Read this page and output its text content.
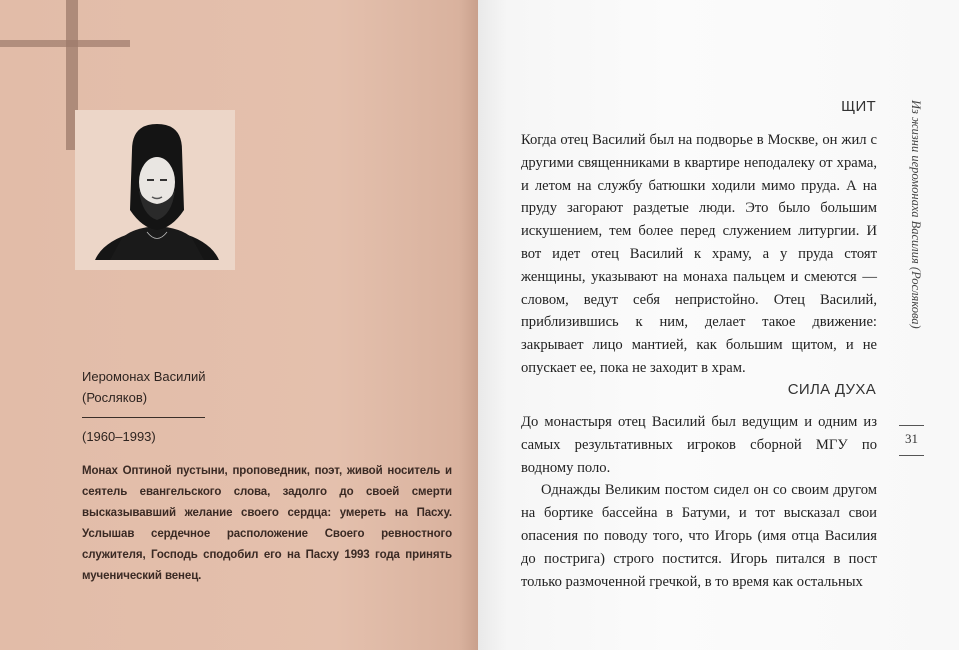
Иеромонах Василий
(Росляков)
(1960–1993)
Монах Оптиной пустыни, проповедник, поэт, живой носитель и сеятель евангельского слова, задолго до своей смерти высказывавший желание своего сердца: умереть на Пасху. Услышав сердечное расположение Своего ревностного служителя, Господь сподобил его на Пасху 1993 года принять мученический венец.
Из жизни иеромонаха Василия (Рослякова)
31
ЩИТ

Когда отец Василий был на подворье в Москве, он жил с другими священниками в квартире неподалеку от храма, и летом на службу батюшки ходили мимо пруда. А на пруду загорают раздетые люди. Это было большим искушением, тем более перед служением литургии. И вот идет отец Василий к храму, а у пруда стоят женщины, указывают на монаха пальцем и смеются — словом, ведут себя непристойно. Отец Василий, приблизившись к ним, делает такое движение: закрывает лицо мантией, как большим щитом, и не опускает ее, пока не заходит в храм.

СИЛА ДУХА

До монастыря отец Василий был ведущим и одним из самых результативных игроков сборной МГУ по водному поло.

Однажды Великим постом сидел он со своим другом на бортике бассейна в Батуми, и тот высказал свои опасения по поводу того, что Игорь (имя отца Василия до пострига) строго постится. Игорь питался в пост только размоченной гречкой, в то время как остальных
